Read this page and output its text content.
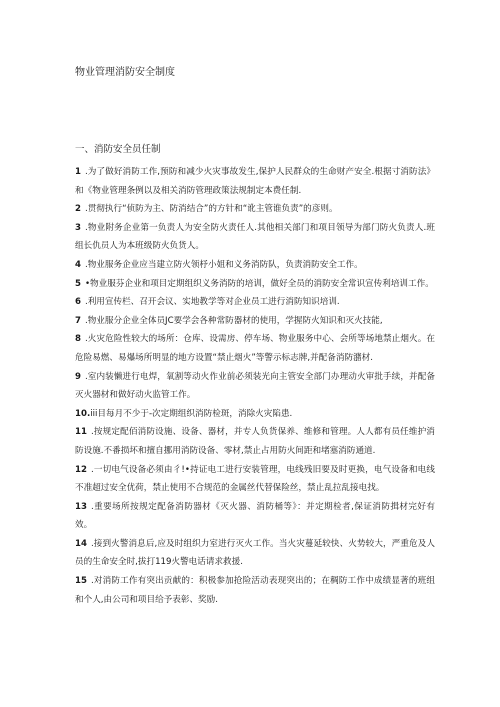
物业管理消防安全制度
一、消防安全员任制
1 .为了做好消防工作,预防和减少火灾事故发生,保护人民群众的生命财产安全.根据寸消防法》和《物业管理条例以及相关消防管理政策法规制定本费任制.
2 .贯彻执行“侦防为主、防消结合”的方针和“讹主管谁负责”的彦则。
3 .物业附务企业第一负责人为安全防火责任人.其他相关部门和项目领导为部门防火负责人.班组长仇员人为本班级防火负货人。
4 .物业服务企业应当建立防火领杼小姐和义务消防队，负责消防安全工作。
5 •物业服芬企业和项目定期组织义务消防的培训，做好全员的消防安全常识宣传利培训工作。
6 .利用宣传栏、召开会议、实地教学等对企业员工进行消防知识培训.
7 .物业服分企业全体员JC要学会各种常防器材的使用，学握防火知识和灭火技能,
8 .火灾危险性较大的场所：仓库、设需房、停车场、物业服务中心、会所等场地禁止烟火。在危险易燃、易爆场所明显的地方设置“禁止烟火”等警示标志牌,并配备消防潴材.
9 .室内装懒进行电焊，氧割等动火作业前必须装光向主管安全部门办理动火审批手续，并配备灭火器材和做好动火监管工作。
10.iii目每月不少于-次定期组织消防检斑，消除火灾陷患.
11 .按规定配佰消防设施、设备、器材，并专人负货保养、维修和管理。人人都有员任维护消防设施.不番损坏和擅自挪用消防设备、零材,禁止占用防火间距和堵塞消防通道.
12 .一切电气设备必须由彳!•持证电工进行安装管理，电线残旧要及时更换，电气设备和电线不准超过安全优荷，禁止使用不合规范的金属丝代替保险丝，禁止乱拉乱接电找。
13 .重要场所按规定配备消防器材《灭火器、消防桶等》：并定期检者,保证消防揖材完好有效。
14 .接到火警消息后,应及时组织力室进行灭火工作。当火灾蔓延较快、火势较大，严重危及人员的生命安全时,拔打119火警电话请求救援.
15 .对消防工作有突出贡献的：积极参加抢险活动表现突出的；在稠防工作中成绩显著的班组和个人,由公司和项目给予表彰、奖励.
